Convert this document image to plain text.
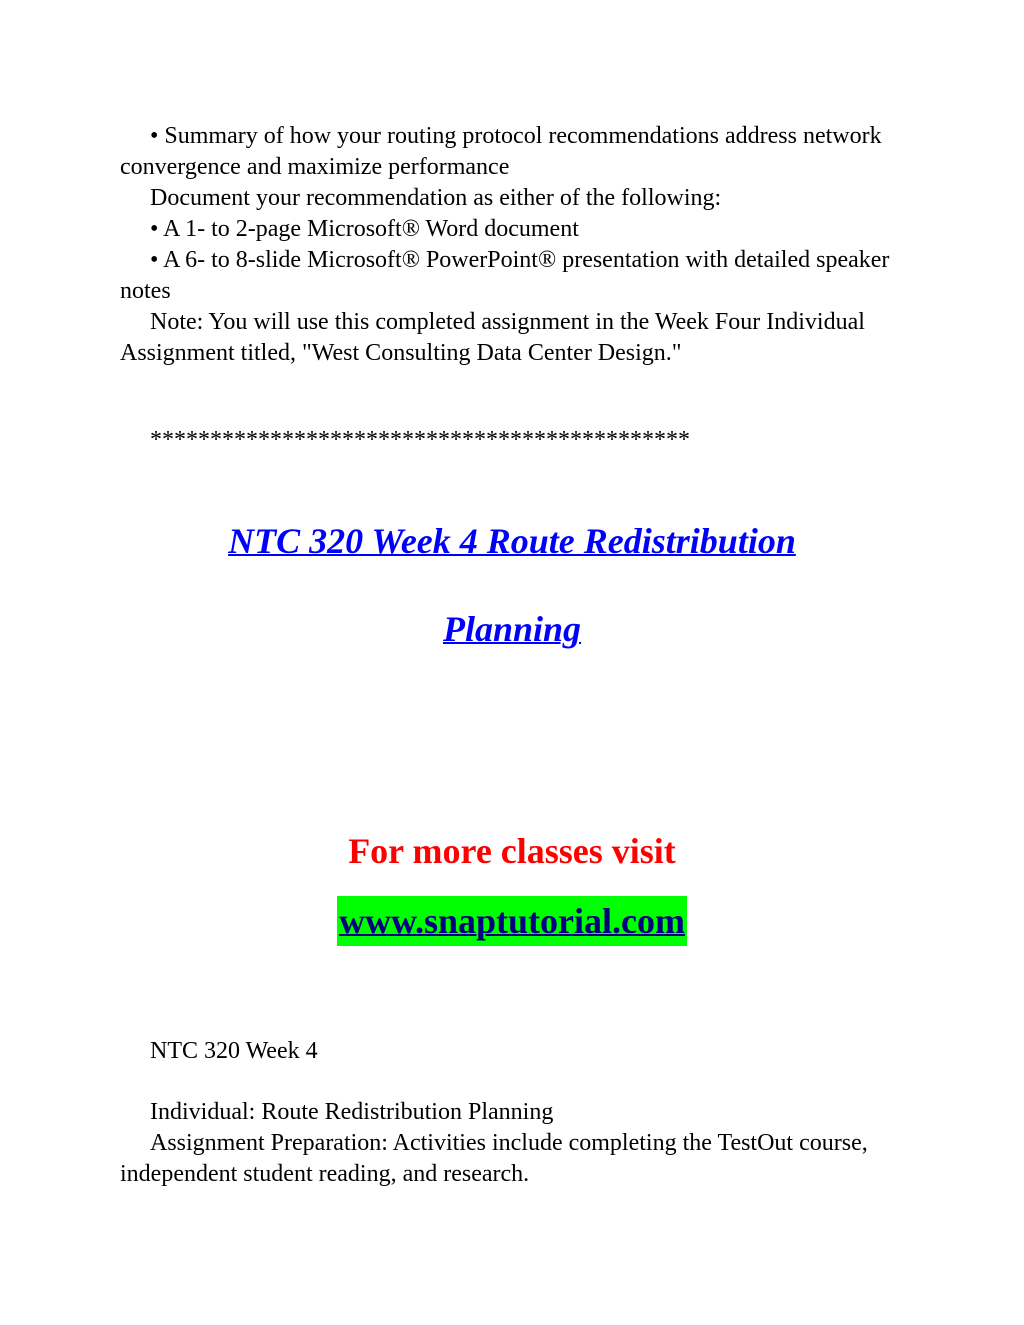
• Summary of how your routing protocol recommendations address network convergence and maximize performance

Document your recommendation as either of the following:

• A 1- to 2-page Microsoft® Word document

• A 6- to 8-slide Microsoft® PowerPoint® presentation with detailed speaker notes

Note: You will use this completed assignment in the Week Four Individual Assignment titled, "West Consulting Data Center Design."

*********************************************

NTC 320 Week 4 Route Redistribution

Planning

For more classes visit

www.snaptutorial.com

NTC 320 Week 4

Individual: Route Redistribution Planning

Assignment Preparation: Activities include completing the TestOut course, independent student reading, and research.
